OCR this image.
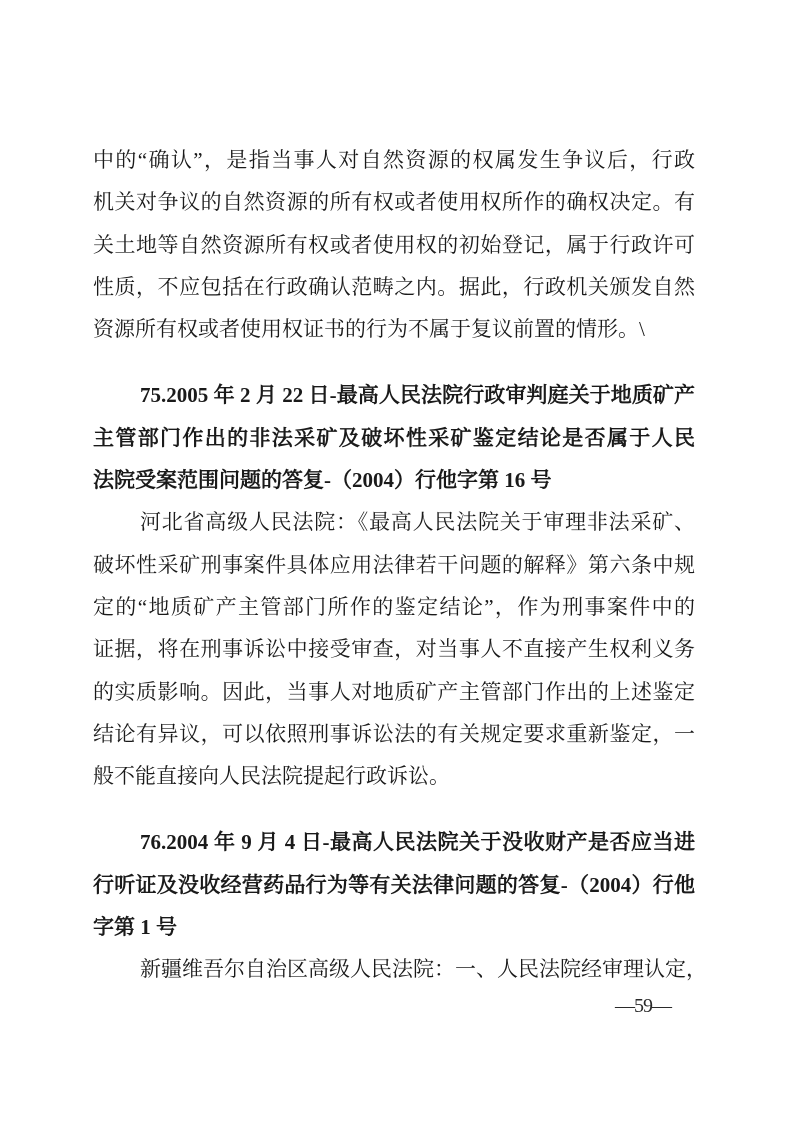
中的“确认”，是指当事人对自然资源的权属发生争议后，行政
机关对争议的自然资源的所有权或者使用权所作的确权决定。有
关土地等自然资源所有权或者使用权的初始登记，属于行政许可
性质，不应包括在行政确认范畴之内。据此，行政机关颁发自然
资源所有权或者使用权证书的行为不属于复议前置的情形。\
75.2005 年 2 月 22 日-最高人民法院行政审判庭关于地质矿产
主管部门作出的非法采矿及破坏性采矿鉴定结论是否属于人民
法院受案范围问题的答复-（2004）行他字第 16 号
河北省高级人民法院：《最高人民法院关于审理非法采矿、
破坏性采矿刑事案件具体应用法律若干问题的解释》第六条中规
定的“地质矿产主管部门所作的鉴定结论”，作为刑事案件中的
证据，将在刑事诉讼中接受审查，对当事人不直接产生权利义务
的实质影响。因此，当事人对地质矿产主管部门作出的上述鉴定
结论有异议，可以依照刑事诉讼法的有关规定要求重新鉴定，一
般不能直接向人民法院提起行政诉讼。
76.2004 年 9 月 4 日-最高人民法院关于没收财产是否应当进
行听证及没收经营药品行为等有关法律问题的答复-（2004）行他
字第 1 号
新疆维吾尔自治区高级人民法院：一、人民法院经审理认定，
—59—
